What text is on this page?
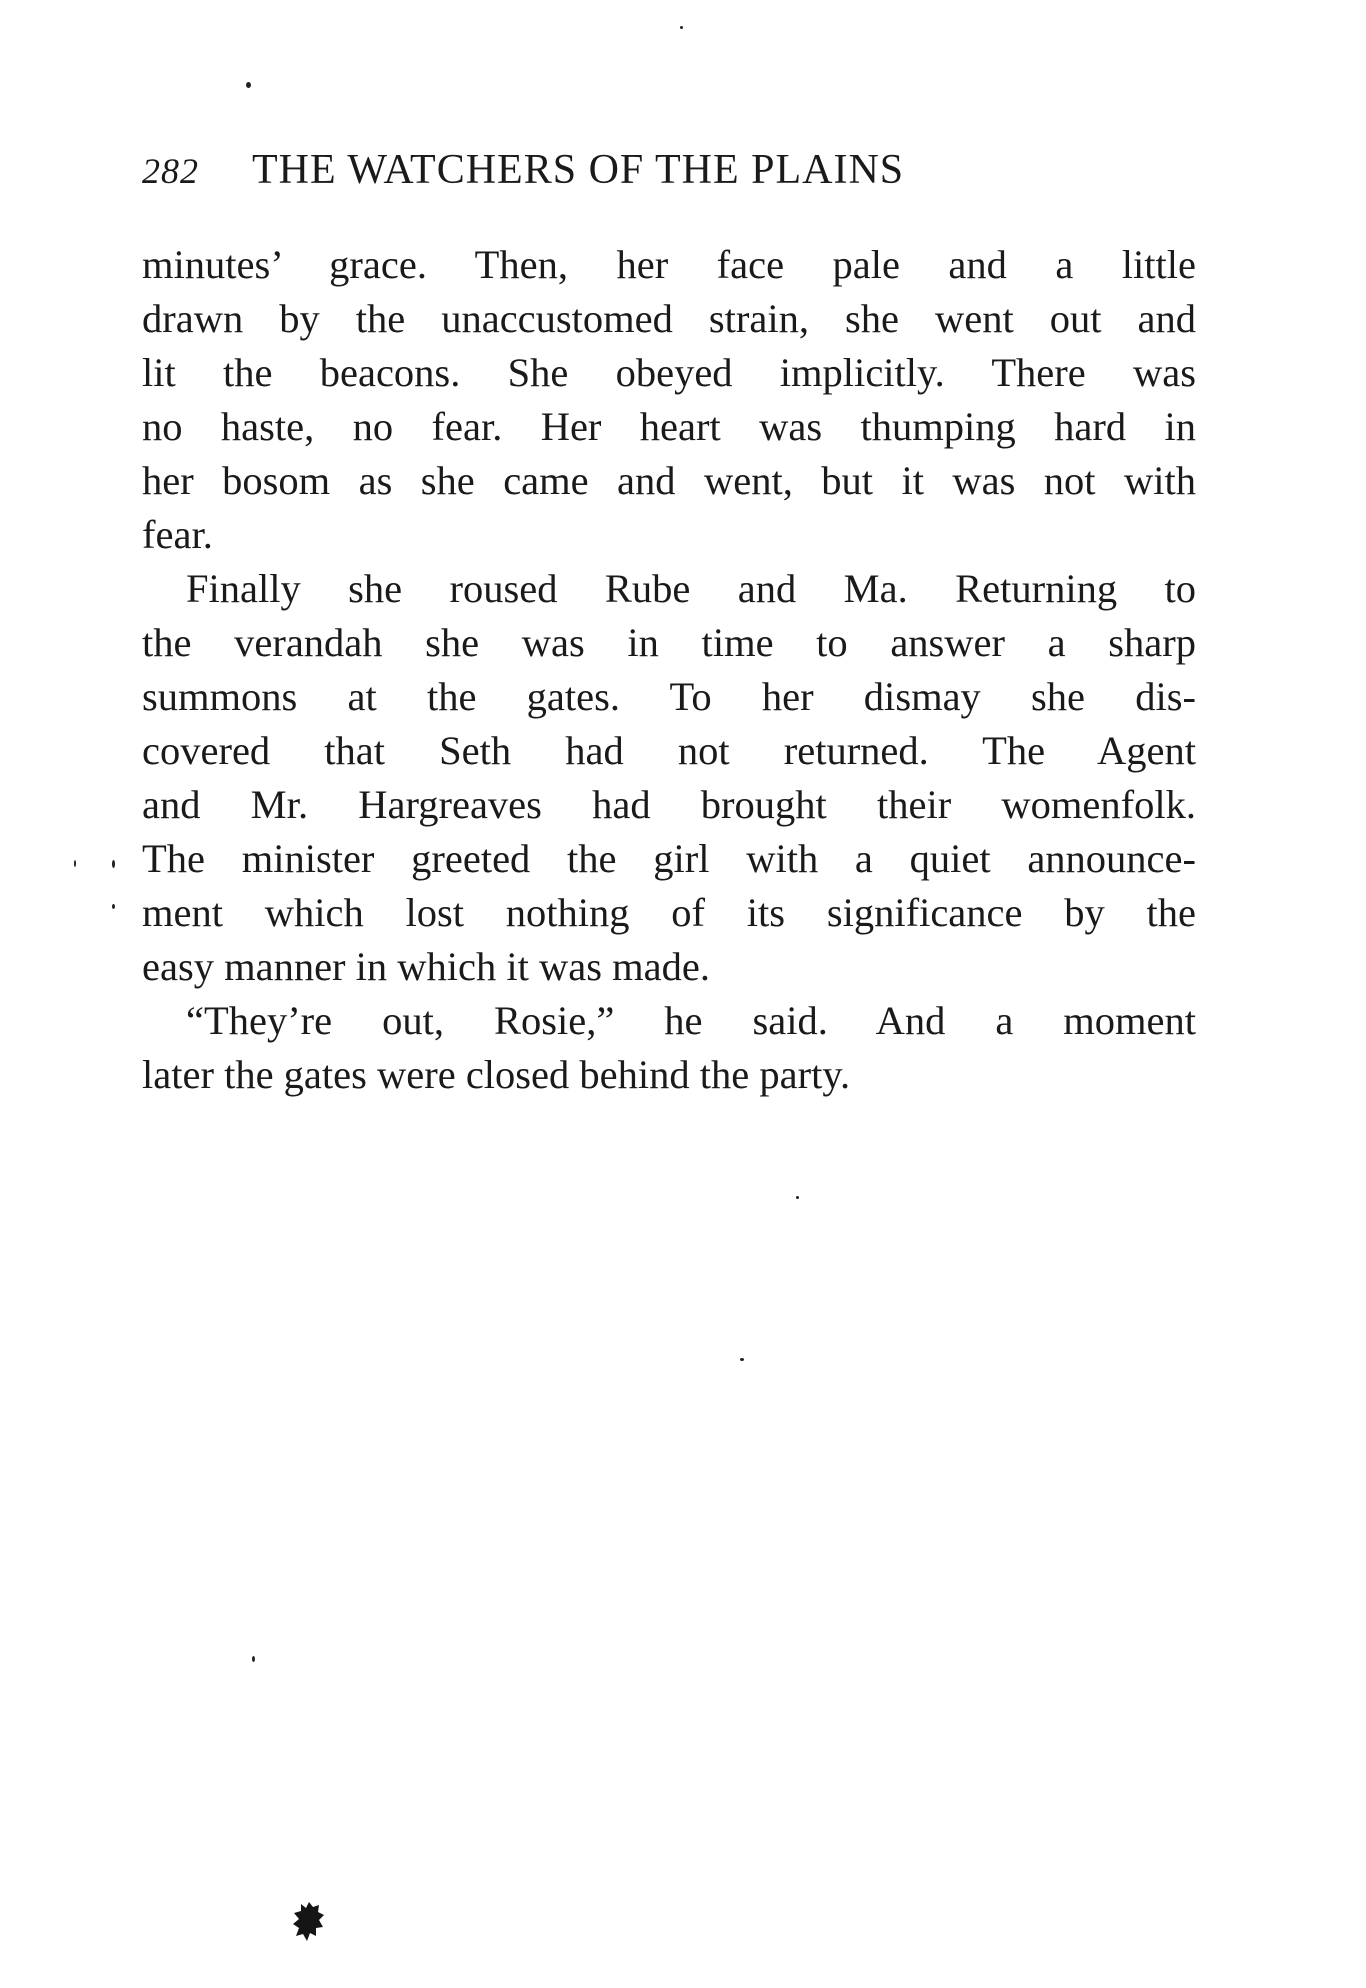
282 THE WATCHERS OF THE PLAINS
minutes’ grace. Then, her face pale and a little
drawn by the unaccustomed strain, she went out and
lit the beacons. She obeyed implicitly. There was
no haste, no fear. Her heart was thumping hard in
her bosom as she came and went, but it was not with
fear.
Finally she roused Rube and Ma. Returning to
the verandah she was in time to answer a sharp
summons at the gates. To her dismay she dis-
covered that Seth had not returned. The Agent
and Mr. Hargreaves had brought their womenfolk.
The minister greeted the girl with a quiet announce-
ment which lost nothing of its significance by the
easy manner in which it was made.
“They’re out, Rosie,” he said. And a moment
later the gates were closed behind the party.
